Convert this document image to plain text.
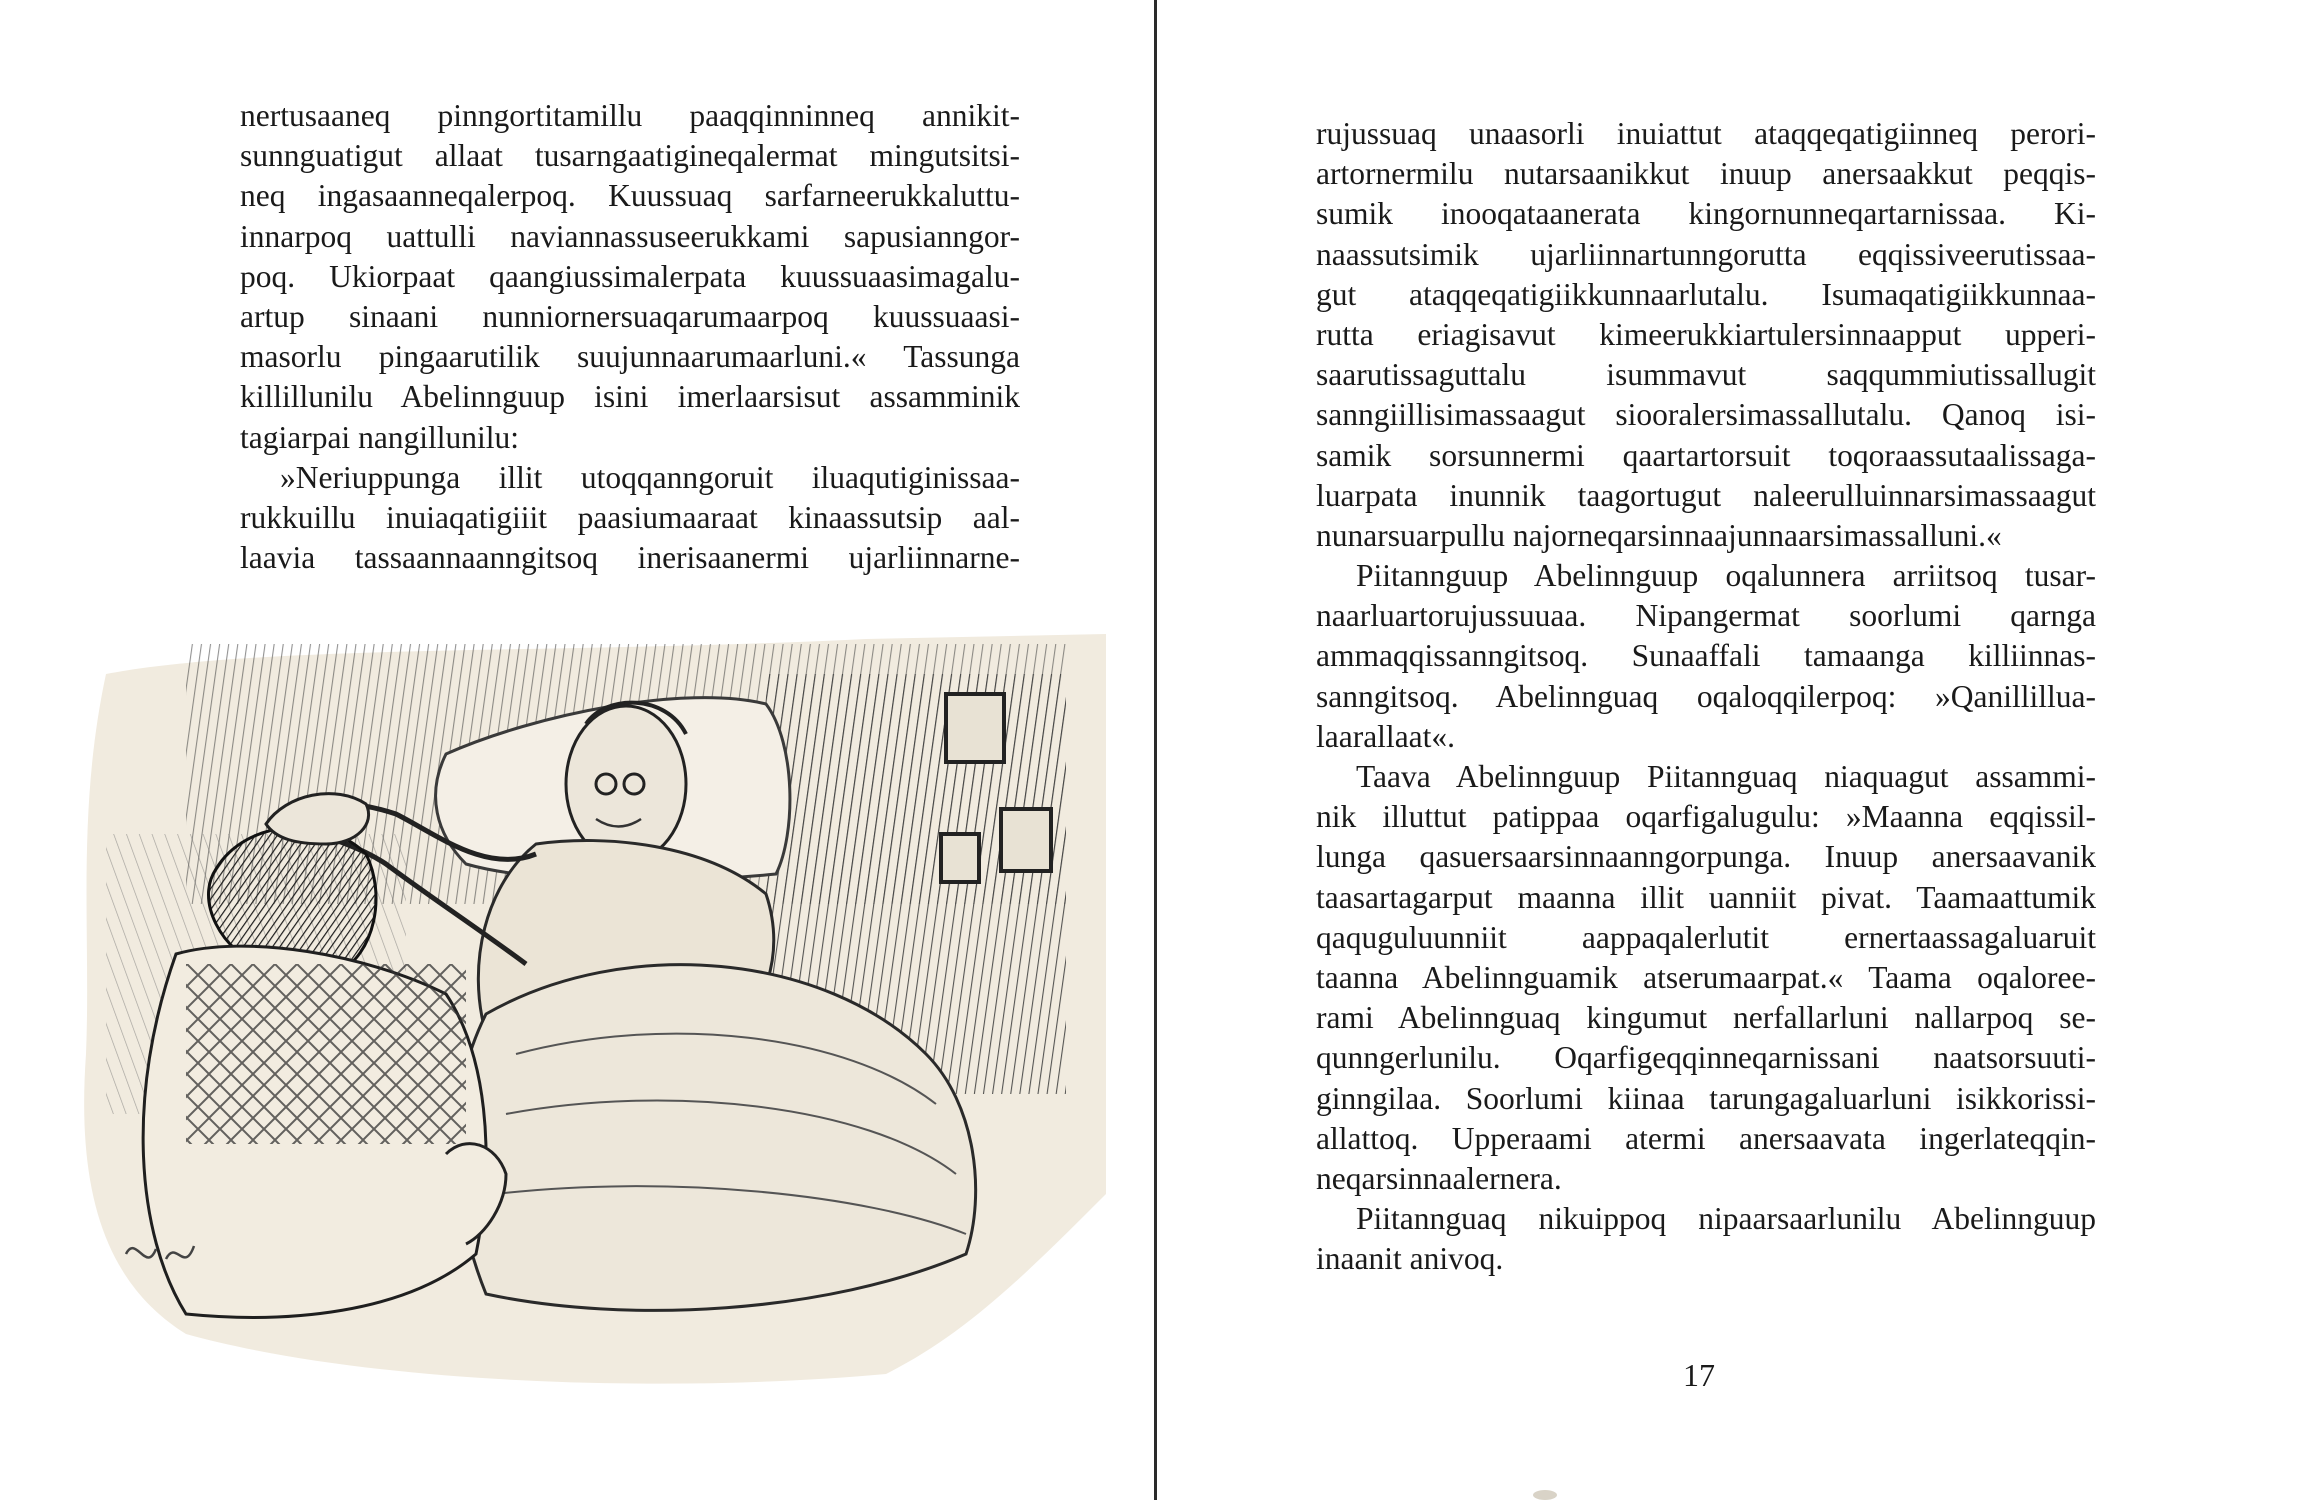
nertusaaneq pinngortitamillu paaqqinninneq annikit-
sunnguatigut allaat tusarngaatigineqalermat mingutsitsi-
neq ingasaanneqalerpoq. Kuussuaq sarfarneerukkaluttu-
innarpoq uattulli naviannassuseerukkami sapusianngor-
poq. Ukiorpaat qaangiussimalerpata kuussuaasimagalu-
artup sinaani nunniornersuaqarumaarpoq kuussuaasi-
masorlu pingaarutilik suujunnaarumaarluni.« Tassunga
killillunilu Abelinnguup isini imerlaarsisut assamminik
tagiarpai nangillunilu:
»Neriuppunga illit utoqqanngoruit iluaqutiginissaa-
rukkuillu inuiaqatigiiit paasiumaaraat kinaassutsip aal-
laavia tassaannaanngitsoq inerisaanermi ujarliinnarne-
rujussuaq unaasorli inuiattut ataqqeqatigiinneq perori-
artornermilu nutarsaanikkut inuup anersaakkut peqqis-
sumik inooqataanerata kingornunneqartarnissaa. Ki-
naassutsimik ujarliinnartunngorutta eqqissiveerutissaa-
gut ataqqeqatigiikkunnaarlutalu. Isumaqatigiikkunnaa-
rutta eriagisavut kimeerukkiartulersinnaapput upperi-
saarutissaguttalu isummavut saqqummiutissallugit
sanngiillisimassaagut siooralersimassallutalu. Qanoq isi-
samik sorsunnermi qaartartorsuit toqoraassutaalissaga-
luarpata inunnik taagortugut naleerulluinnarsimassaagut
nunarsuarpullu najorneqarsinnaajunnaarsimassalluni.«
Piitannguup Abelinnguup oqalunnera arriitsoq tusar-
naarluartorujussuuaa. Nipangermat soorlumi qarnga
ammaqqissanngitsoq. Sunaaffali tamaanga killiinnas-
sanngitsoq. Abelinnguaq oqaloqqilerpoq: »Qanillillua-
laarallaat«.
Taava Abelinnguup Piitannguaq niaquagut assammi-
nik illuttut patippaa oqarfigalugulu: »Maanna eqqissil-
lunga qasuersaarsinnaanngorpunga. Inuup anersaavanik
taasartagarput maanna illit uanniit pivat. Taamaattumik
qaquguluunniit aappaqalerlutit ernertaassagaluaruit
taanna Abelinnguamik atserumaarpat.« Taama oqaloree-
rami Abelinnguaq kingumut nerfallarluni nallarpoq se-
qunngerlunilu. Oqarfigeqqinneqarnissani naatsorsuuti-
ginngilaa. Soorlumi kiinaa tarungagaluarluni isikkorissi-
allattoq. Upperaami atermi anersaavata ingerlateqqin-
neqarsinnaalernera.
Piitannguaq nikuippoq nipaarsaarlunilu Abelinnguup
inaanit anivoq.
17
